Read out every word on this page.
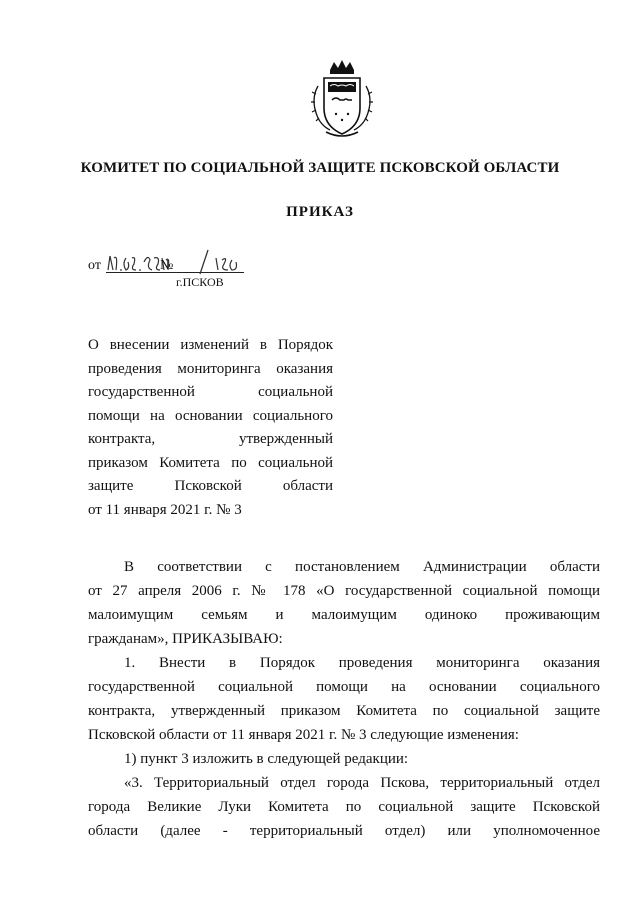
КОМИТЕТ ПО СОЦИАЛЬНОЙ ЗАЩИТЕ ПСКОВСКОЙ ОБЛАСТИ
ПРИКАЗ
от	№
г.ПСКОВ
О внесении изменений в Порядок
проведения мониторинга оказания
государственной социальной
помощи на основании социального
контракта, утвержденный
приказом Комитета по социальной
защите Псковской области
от 11 января 2021 г. № 3
В соответствии с постановлением Администрации области
от 27 апреля 2006 г. № 178 «О государственной социальной помощи
малоимущим семьям и малоимущим одиноко проживающим
гражданам», ПРИКАЗЫВАЮ:
1. Внести в Порядок проведения мониторинга оказания
государственной социальной помощи на основании социального
контракта, утвержденный приказом Комитета по социальной защите
Псковской области от 11 января 2021 г. № 3 следующие изменения:
1) пункт 3 изложить в следующей редакции:
«3. Территориальный отдел города Пскова, территориальный отдел
города Великие Луки Комитета по социальной защите Псковской
области (далее - территориальный отдел) или уполномоченное
